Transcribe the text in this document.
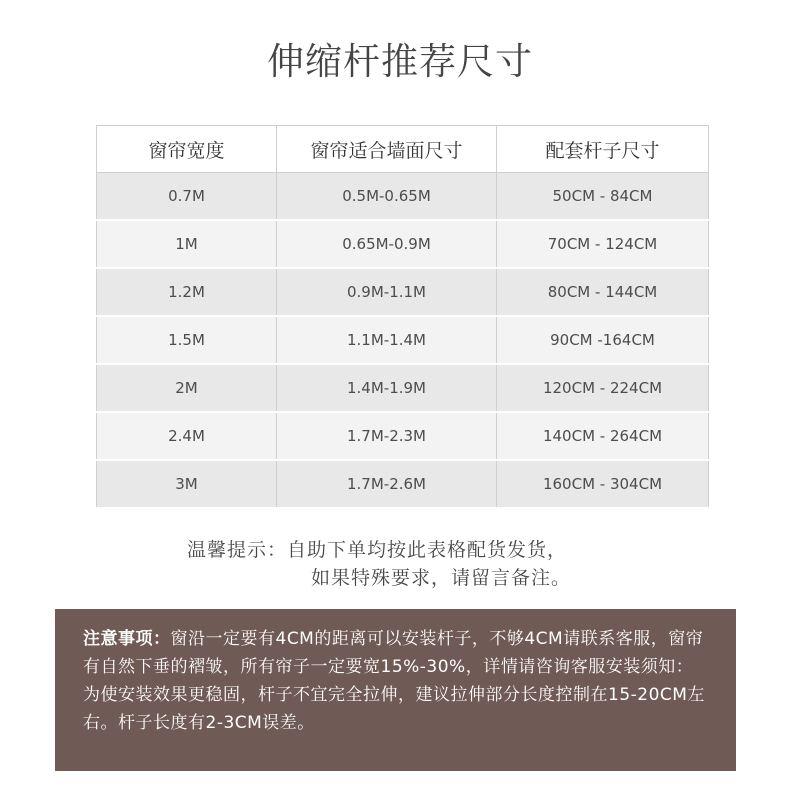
伸缩杆推荐尺寸
窗帘宽度	窗帘适合墙面尺寸	配套杆子尺寸
0.7M	0.5M-0.65M	50CM - 84CM
1M	0.65M-0.9M	70CM - 124CM
1.2M	0.9M-1.1M	80CM - 144CM
1.5M	1.1M-1.4M	90CM -164CM
2M	1.4M-1.9M	120CM - 224CM
2.4M	1.7M-2.3M	140CM - 264CM
3M	1.7M-2.6M	160CM - 304CM
温馨提示：自助下单均按此表格配货发货，
如果特殊要求，请留言备注。
注意事项：窗沿一定要有4CM的距离可以安装杆子，不够4CM请联系客服，窗帘有自然下垂的褶皱，所有帘子一定要宽15%-30%，详情请咨询客服安装须知：为使安装效果更稳固，杆子不宜完全拉伸，建议拉伸部分长度控制在15-20CM左右。杆子长度有2-3CM误差。
